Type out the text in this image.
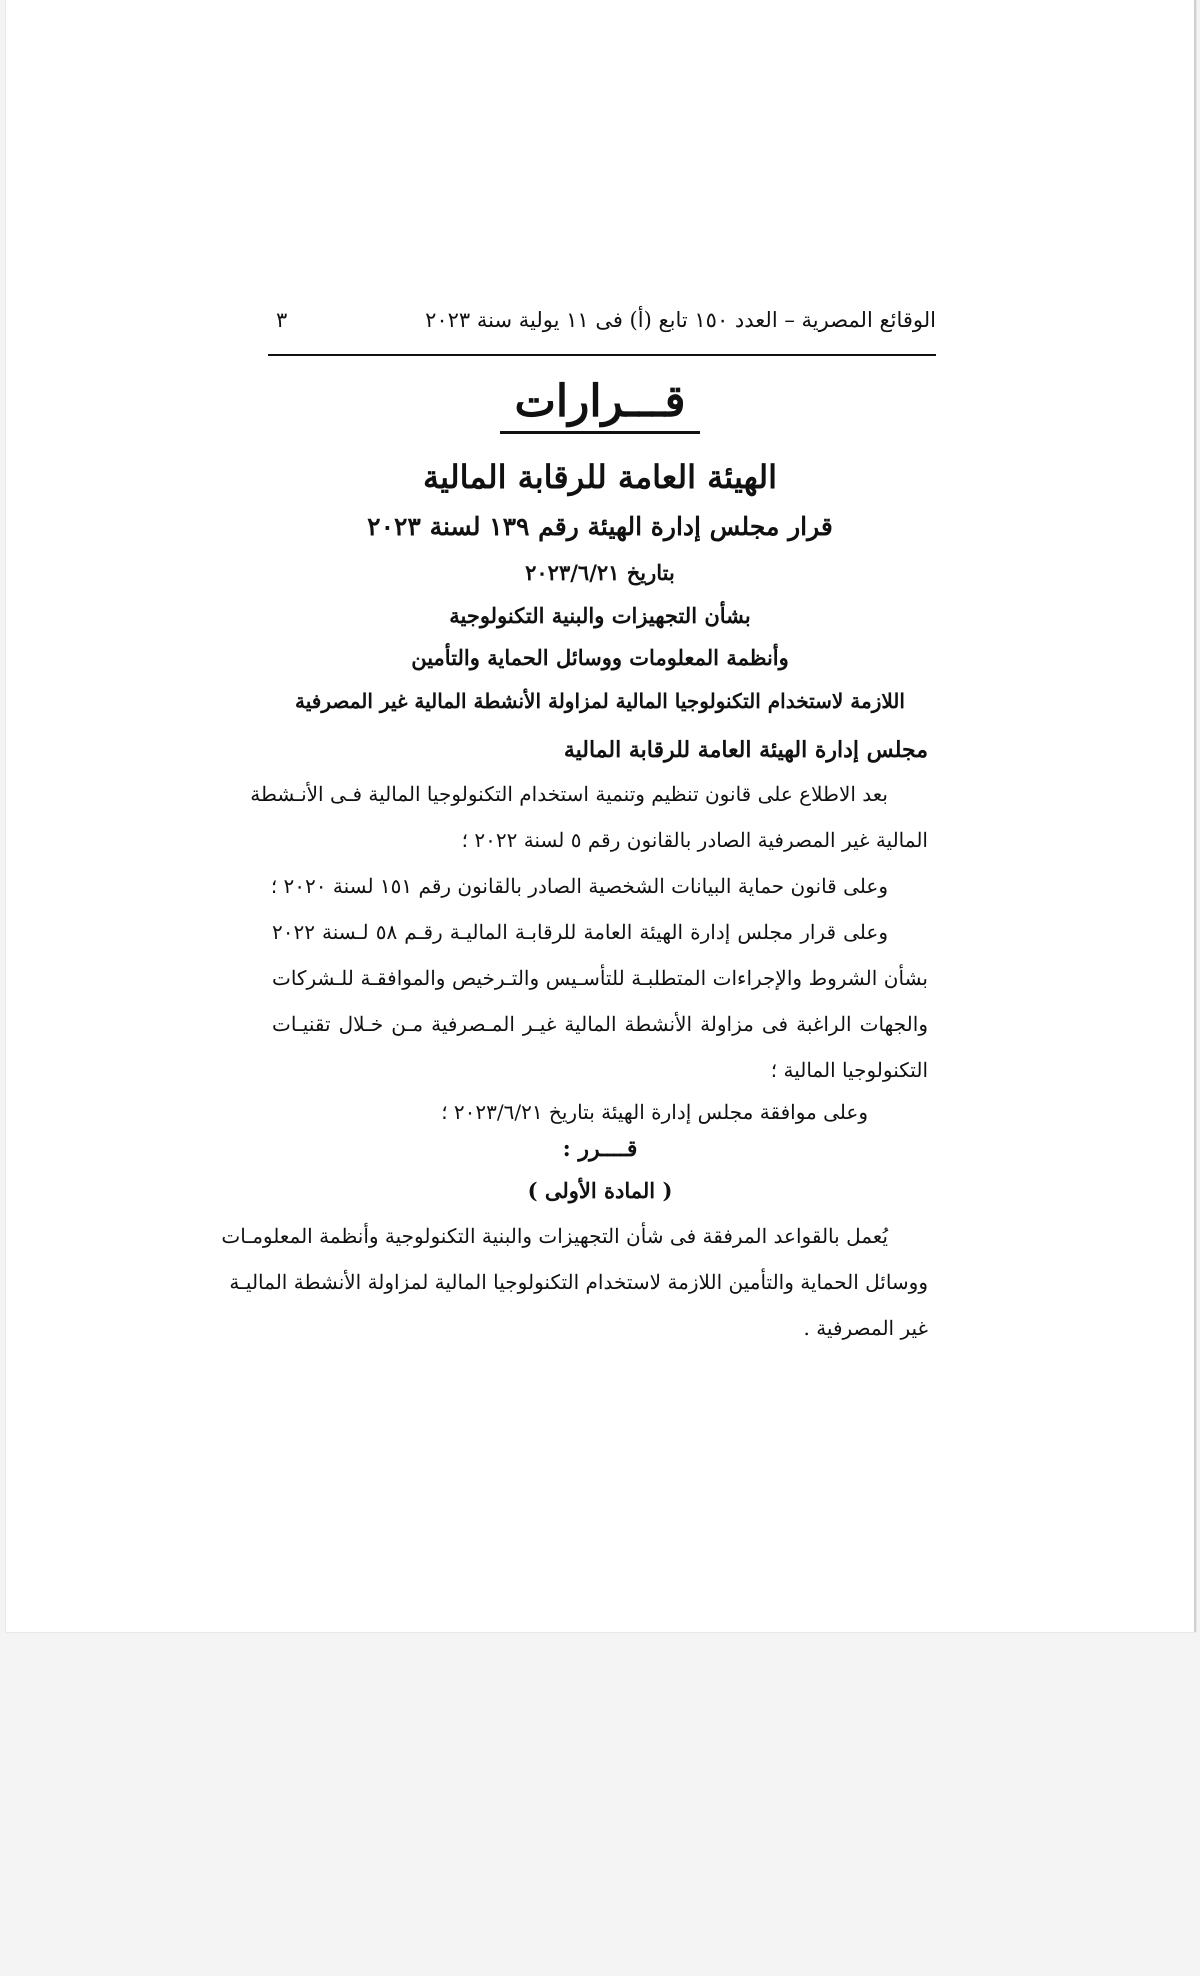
الوقائع المصرية – العدد ١٥٠ تابع (أ) فى ١١ يولية سنة ٢٠٢٣
٣
قـــرارات
الهيئة العامة للرقابة المالية
قرار مجلس إدارة الهيئة رقم ١٣٩ لسنة ٢٠٢٣
بتاريخ ٢٠٢٣/٦/٢١
بشأن التجهيزات والبنية التكنولوجية
وأنظمة المعلومات ووسائل الحماية والتأمين
اللازمة لاستخدام التكنولوجيا المالية لمزاولة الأنشطة المالية غير المصرفية
مجلس إدارة الهيئة العامة للرقابة المالية
بعد الاطلاع على قانون تنظيم وتنمية استخدام التكنولوجيا المالية فـى الأنـشطة
المالية غير المصرفية الصادر بالقانون رقم ٥ لسنة ٢٠٢٢ ؛
وعلى قانون حماية البيانات الشخصية الصادر بالقانون رقم ١٥١ لسنة ٢٠٢٠ ؛
وعلى قرار مجلس إدارة الهيئة العامة للرقابـة الماليـة رقـم ٥٨ لـسنة ٢٠٢٢
بشأن الشروط والإجراءات المتطلبـة للتأسـيس والتـرخيص والموافقـة للـشركات
والجهات الراغبة فى مزاولة الأنشطة المالية غيـر المـصرفية مـن خـلال تقنيـات
التكنولوجيا المالية ؛
وعلى موافقة مجلس إدارة الهيئة بتاريخ ٢٠٢٣/٦/٢١ ؛
قــــرر :
( المادة الأولى )
يُعمل بالقواعد المرفقة فى شأن التجهيزات والبنية التكنولوجية وأنظمة المعلومـات
ووسائل الحماية والتأمين اللازمة لاستخدام التكنولوجيا المالية لمزاولة الأنشطة الماليـة
غير المصرفية .
